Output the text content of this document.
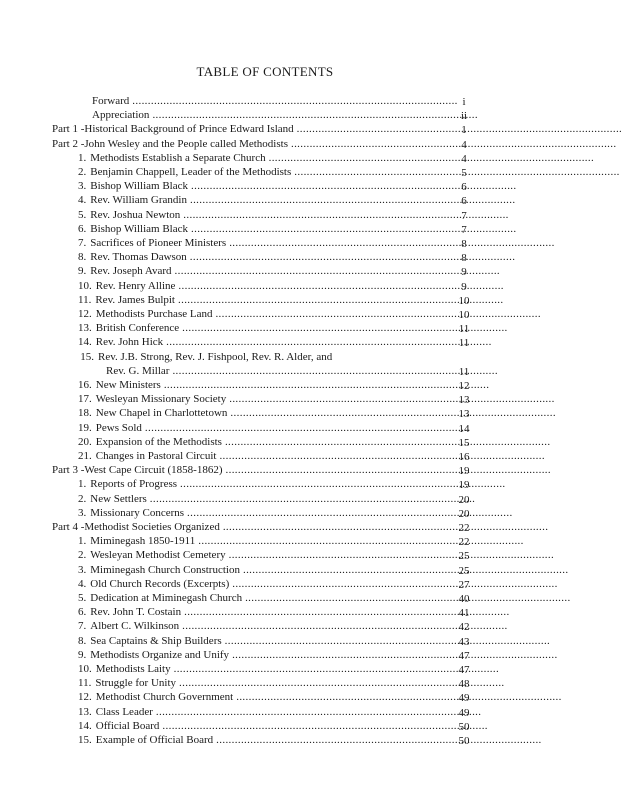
TABLE OF CONTENTS
Forward . . .	i
Appreciation . . .	ii
Part 1 -Historical Background of Prince Edward Island . . .	1
Part 2 -John Wesley and the People called Methodists . . .	4
1. Methodists Establish a Separate Church . . .	4
2. Benjamin Chappell, Leader of the Methodists . . .	5
3. Bishop William Black . . .	6
4. Rev. William Grandin . . .	6
5. Rev. Joshua Newton . . .	7
6. Bishop William Black . . .	7
7. Sacrifices of Pioneer Ministers . . .	8
8. Rev. Thomas Dawson . . .	8
9. Rev. Joseph Avard . . .	9
10. Rev. Henry Alline . . .	9
11. Rev. James Bulpit . . .	10
12. Methodists Purchase Land . . .	10
13. British Conference . . .	11
14. Rev. John Hick . . .	11
15. Rev. J.B. Strong, Rev. J. Fishpool, Rev. R. Alder, and
Rev. G. Millar . . .	11
16. New Ministers . . .	12
17. Wesleyan Missionary Society . . .	13
18. New Chapel in Charlottetown . . .	13
19. Pews Sold . . .	14
20. Expansion of the Methodists . . .	15
21. Changes in Pastoral Circuit . . .	16
Part 3 -West Cape Circuit (1858-1862) . . .	19
1. Reports of Progress . . .	19
2. New Settlers . . .	20
3. Missionary Concerns . . .	20
Part 4 -Methodist Societies Organized . . .	22
1. Miminegash 1850-1911 . . .	22
2. Wesleyan Methodist Cemetery . . .	25
3. Miminegash Church Construction . . .	25
4. Old Church Records (Excerpts) . . .	27
5. Dedication at Miminegash Church . . .	40
6. Rev. John T. Costain . . .	41
7. Albert C. Wilkinson . . .	42
8. Sea Captains & Ship Builders . . .	43
9. Methodists Organize and Unify . . .	47
10. Methodists Laity . . .	47
11. Struggle for Unity . . .	48
12. Methodist Church Government . . .	49
13. Class Leader . . .	49
14. Official Board . . .	50
15. Example of Official Board . . .	50
